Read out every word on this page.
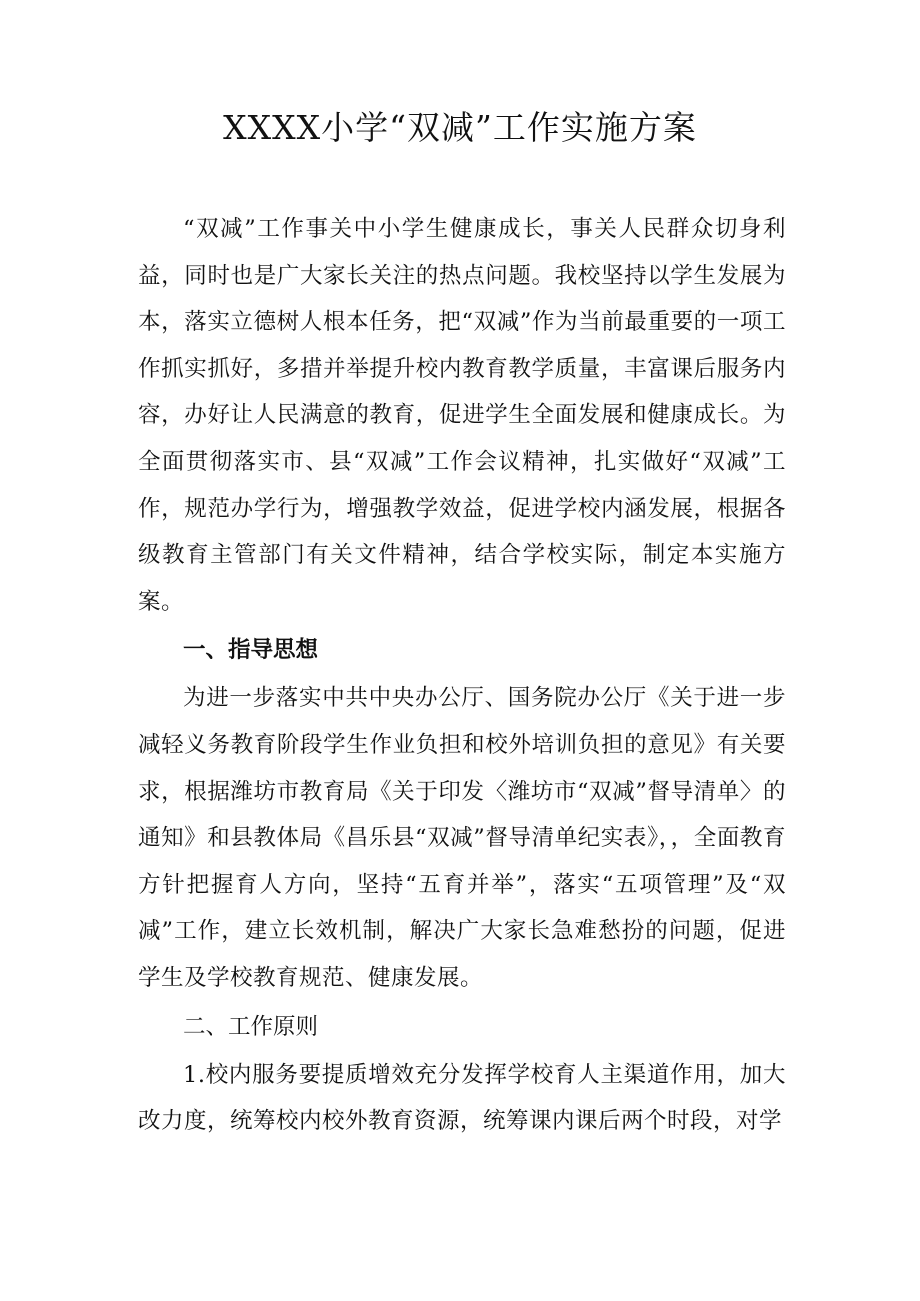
XXXX小学“双减”工作实施方案

“双减”工作事关中小学生健康成长，事关人民群众切身利益，同时也是广大家长关注的热点问题。我校坚持以学生发展为本，落实立德树人根本任务，把“双减”作为当前最重要的一项工作抓实抓好，多措并举提升校内教育教学质量，丰富课后服务内容，办好让人民满意的教育，促进学生全面发展和健康成长。为全面贯彻落实市、县“双减”工作会议精神，扎实做好“双减”工作，规范办学行为，增强教学效益，促进学校内涵发展，根据各级教育主管部门有关文件精神，结合学校实际，制定本实施方案。

一、指导思想

为进一步落实中共中央办公厅、国务院办公厅《关于进一步减轻义务教育阶段学生作业负担和校外培训负担的意见》有关要求，根据潍坊市教育局《关于印发〈潍坊市“双减”督导清单〉的通知》和县教体局《昌乐县“双减”督导清单纪实表》，，全面教育方针把握育人方向，坚持“五育并举”，落实“五项管理”及“双减”工作，建立长效机制，解决广大家长急难愁扮的问题，促进学生及学校教育规范、健康发展。

二、工作原则

1.校内服务要提质增效充分发挥学校育人主渠道作用，加大改力度，统筹校内校外教育资源，统筹课内课后两个时段，对学
